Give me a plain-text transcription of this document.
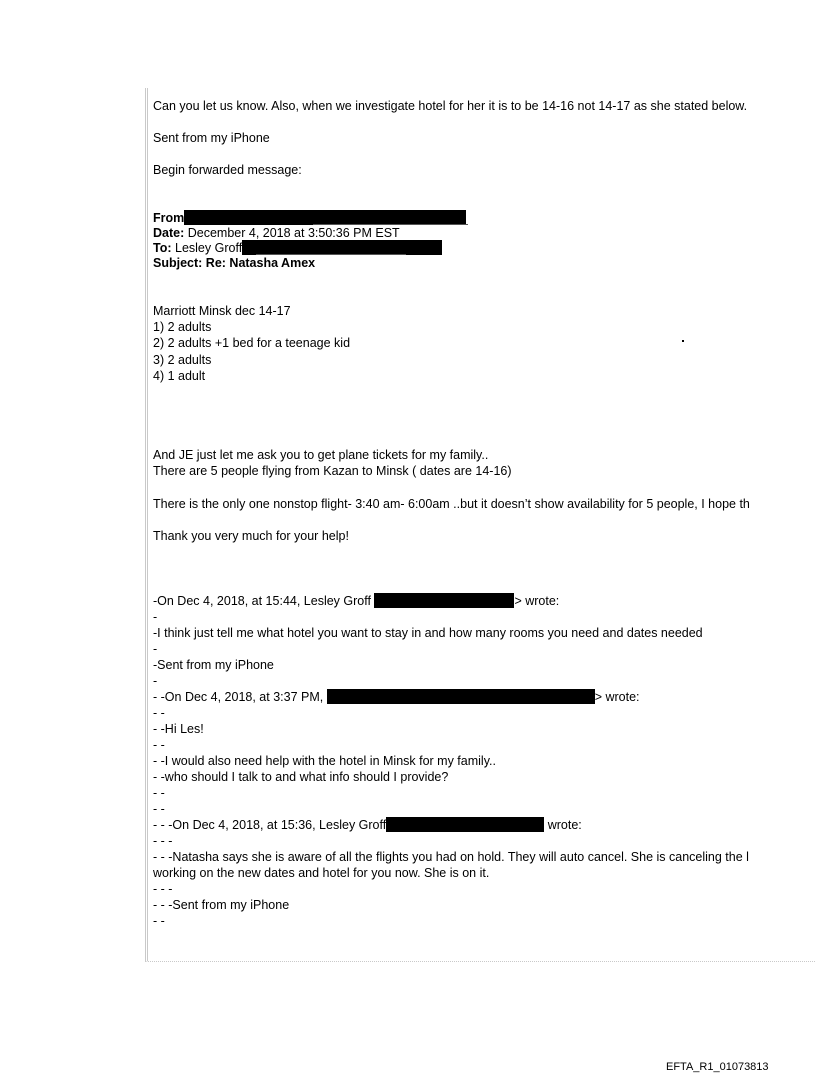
Can you let us know. Also, when we investigate hotel for her it is to be 14-16 not 14-17 as she stated below.
Sent from my iPhone
Begin forwarded message:
From
Date: December 4, 2018 at 3:50:36 PM EST
To: Lesley Groff
Subject: Re: Natasha Amex
Marriott Minsk dec 14-17
1) 2 adults
2) 2 adults +1 bed for a teenage kid
3) 2 adults
4) 1 adult
And JE just let me ask you to get plane tickets for my family..
There are 5 people flying from Kazan to Minsk ( dates are 14-16)
There is the only one nonstop flight- 3:40 am- 6:00am ..but it doesn’t show availability for 5 people, I hope th
Thank you very much for your help!
-On Dec 4, 2018, at 15:44, Lesley Groff	> wrote:
-
-I think just tell me what hotel you want to stay in and how many rooms you need and dates needed
-
-Sent from my iPhone
-
- -On Dec 4, 2018, at 3:37 PM,	> wrote:
- -
- -Hi Les!
- -
- -I would also need help with the hotel in Minsk for my family..
- -who should I talk to and what info should I provide?
- -
- -
- - -On Dec 4, 2018, at 15:36, Lesley Groff	wrote:
- - -
- - -Natasha says she is aware of all the flights you had on hold. They will auto cancel. She is canceling the l
working on the new dates and hotel for you now. She is on it.
- - -
- - -Sent from my iPhone
- -
EFTA_R1_01073813
